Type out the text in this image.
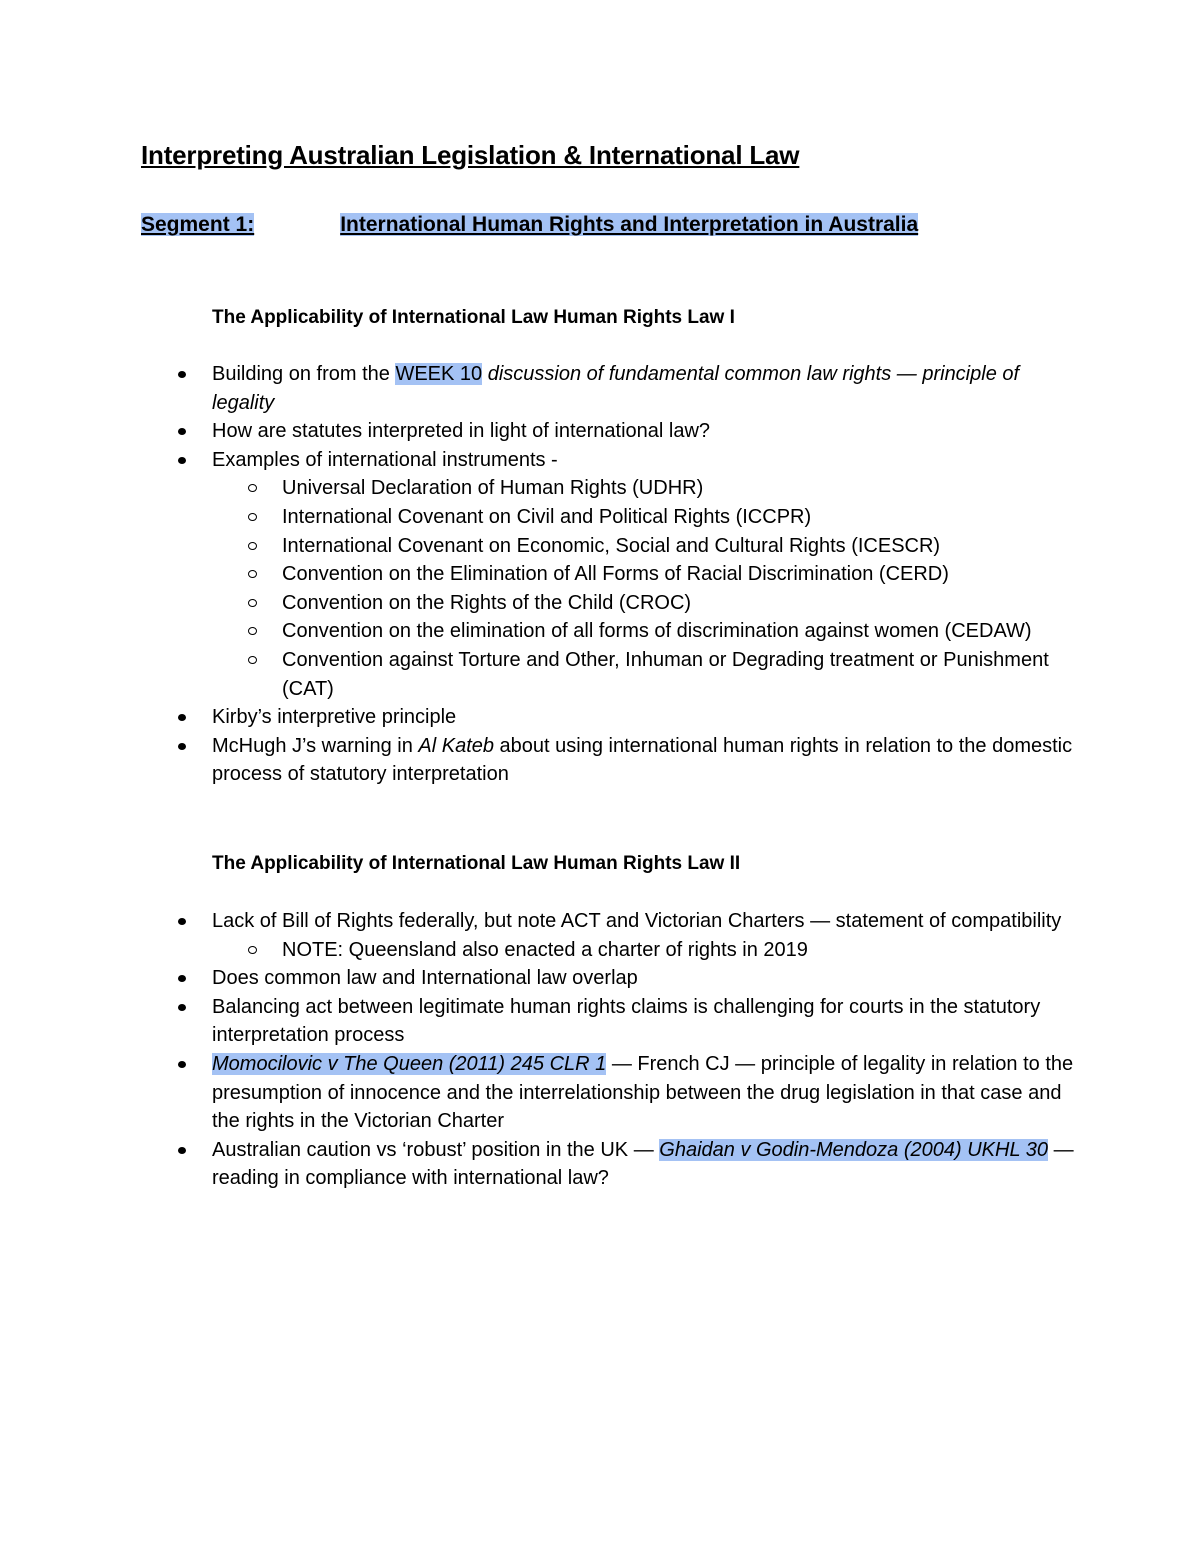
Interpreting Australian Legislation & International Law
Segment 1:	International Human Rights and Interpretation in Australia
The Applicability of International Law Human Rights Law I
Building on from the WEEK 10 discussion of fundamental common law rights — principle of legality
How are statutes interpreted in light of international law?
Examples of international instruments -
Universal Declaration of Human Rights (UDHR)
International Covenant on Civil and Political Rights (ICCPR)
International Covenant on Economic, Social and Cultural Rights (ICESCR)
Convention on the Elimination of All Forms of Racial Discrimination (CERD)
Convention on the Rights of the Child (CROC)
Convention on the elimination of all forms of discrimination against women (CEDAW)
Convention against Torture and Other, Inhuman or Degrading treatment or Punishment (CAT)
Kirby’s interpretive principle
McHugh J’s warning in Al Kateb about using international human rights in relation to the domestic process of statutory interpretation
The Applicability of International Law Human Rights Law II
Lack of Bill of Rights federally, but note ACT and Victorian Charters — statement of compatibility
NOTE: Queensland also enacted a charter of rights in 2019
Does common law and International law overlap
Balancing act between legitimate human rights claims is challenging for courts in the statutory interpretation process
Momocilovic v The Queen (2011) 245 CLR 1 — French CJ — principle of legality in relation to the presumption of innocence and the interrelationship between the drug legislation in that case and the rights in the Victorian Charter
Australian caution vs ‘robust’ position in the UK — Ghaidan v Godin-Mendoza (2004) UKHL 30 — reading in compliance with international law?
